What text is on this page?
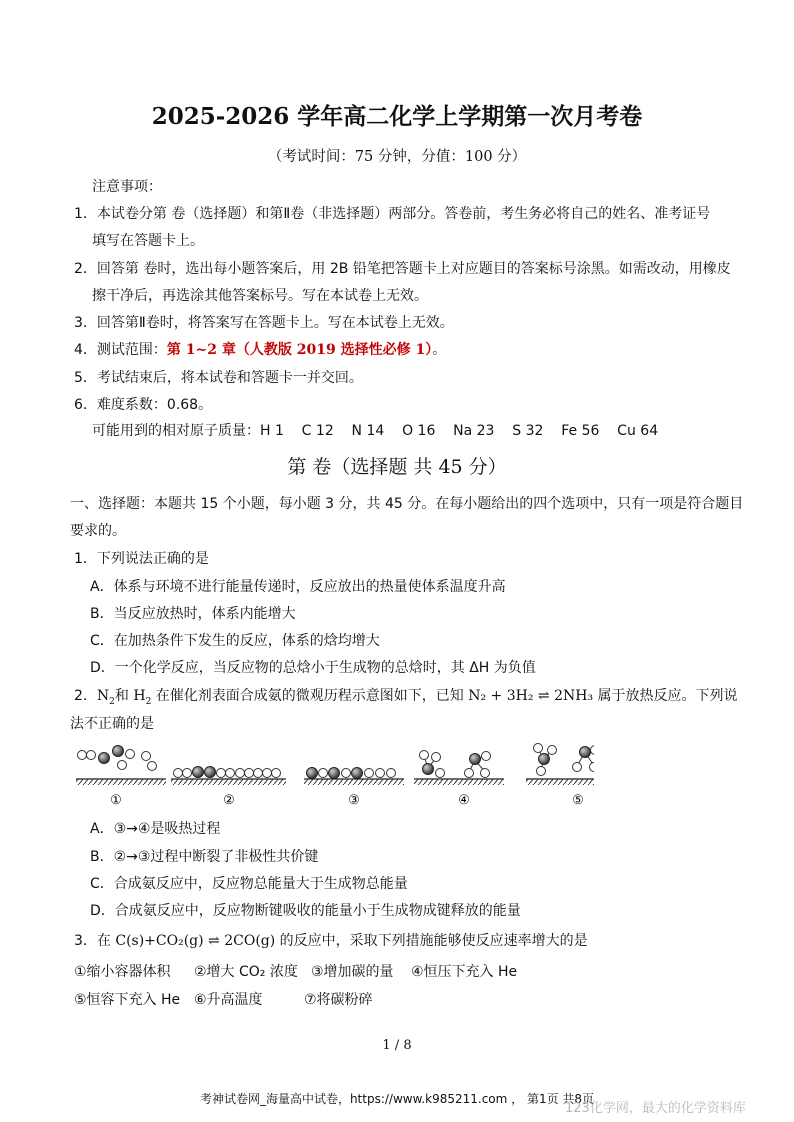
2025-2026 学年高二化学上学期第一次月考卷
（考试时间：75 分钟，分值：100 分）
注意事项：
1．本试卷分第 卷（选择题）和第Ⅱ卷（非选择题）两部分。答卷前，考生务必将自己的姓名、准考证号
填写在答题卡上。
2．回答第 卷时，选出每小题答案后，用 2B 铅笔把答题卡上对应题目的答案标号涂黑。如需改动，用橡皮
擦干净后，再选涂其他答案标号。写在本试卷上无效。
3．回答第Ⅱ卷时，将答案写在答题卡上。写在本试卷上无效。
4．测试范围：第 1~2 章（人教版 2019 选择性必修 1）。
5．考试结束后，将本试卷和答题卡一并交回。
6．难度系数：0.68。
可能用到的相对原子质量：H 1    C 12    N 14    O 16    Na 23    S 32    Fe 56    Cu 64
第 卷（选择题 共 45 分）
一、选择题：本题共 15 个小题，每小题 3 分，共 45 分。在每小题给出的四个选项中，只有一项是符合题目
要求的。
1．下列说法正确的是
A．体系与环境不进行能量传递时，反应放出的热量使体系温度升高
B．当反应放热时，体系内能增大
C．在加热条件下发生的反应，体系的焓均增大
D．一个化学反应，当反应物的总焓小于生成物的总焓时，其 ΔH 为负值
2．$N_2$和 $H_2$ 在催化剂表面合成氨的微观历程示意图如下，已知 N₂ + 3H₂ ⇌ 2NH₃ 属于放热反应。下列说
法不正确的是
①	②	③	④	⑤
A．③→④是吸热过程
B．②→③过程中断裂了非极性共价键
C．合成氨反应中，反应物总能量大于生成物总能量
D．合成氨反应中，反应物断键吸收的能量小于生成物成键释放的能量
3．在 C(s)+CO₂(g) ⇌ 2CO(g) 的反应中，采取下列措施能够使反应速率增大的是
①缩小容器体积 ②增大 CO₂ 浓度 ③增加碳的量 ④恒压下充入 He
⑤恒容下充入 He ⑥升高温度	⑦将碳粉碎
1 / 8
考神试卷网_海量高中试卷，https://www.k985211.com ， 第1页 共8页
123化学网，最大的化学资料库
